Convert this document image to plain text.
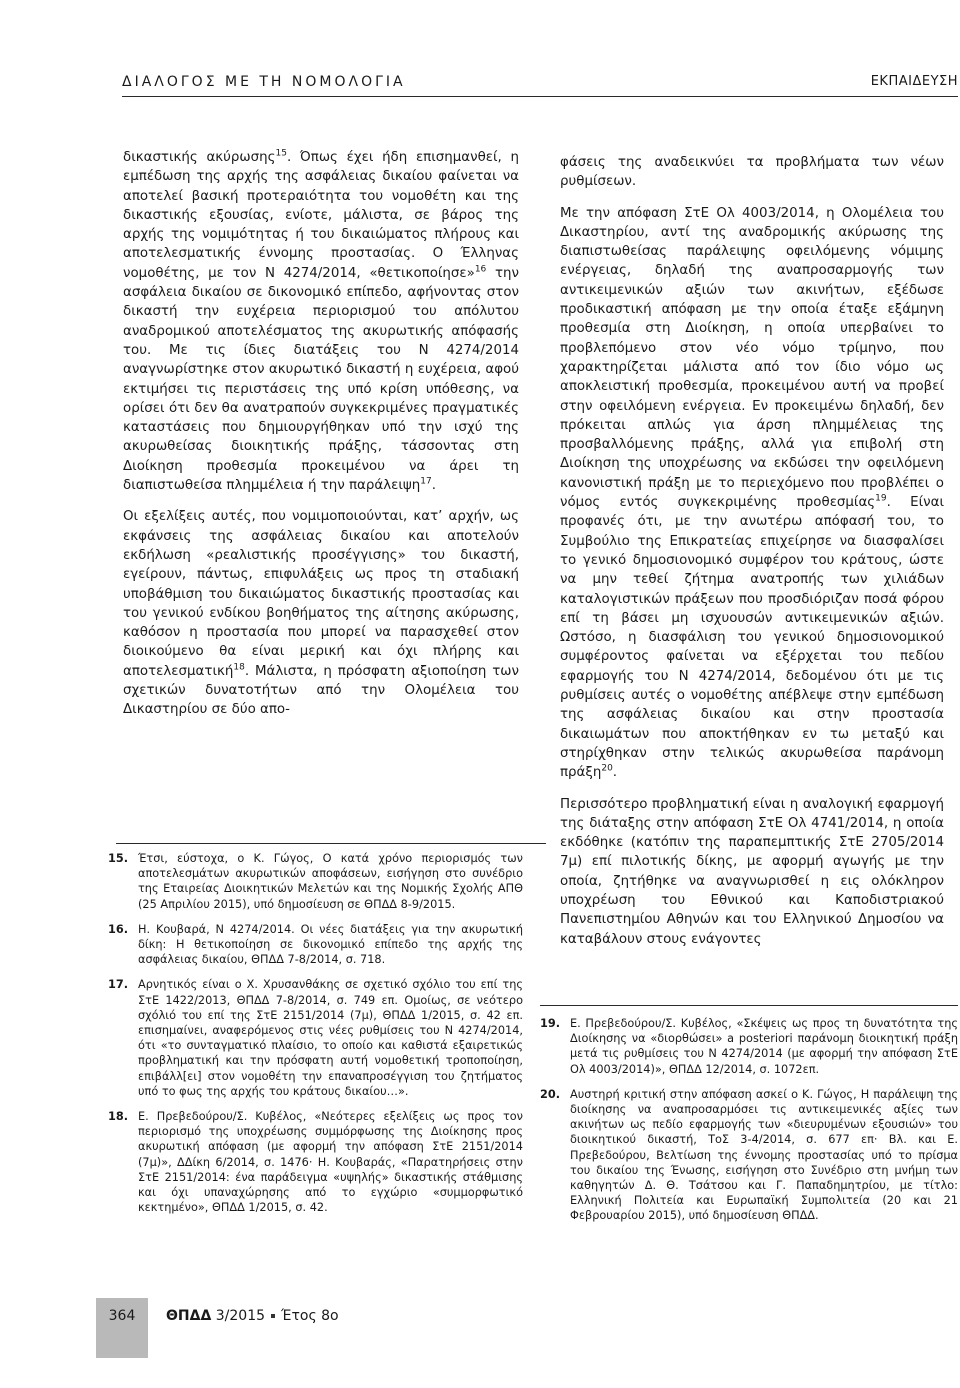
ΔΙΑΛΟΓΟΣ ΜΕ ΤΗ ΝΟΜΟΛΟΓΙΑ	ΕΚΠΑΙΔΕΥΣΗ

δικαστικής ακύρωσης$^{15}$. Όπως έχει ήδη επισημανθεί, η εμπέδωση της αρχής της ασφάλειας δικαίου φαίνεται να αποτελεί βασική προτεραιότητα του νομοθέτη και της δικαστικής εξουσίας, ενίοτε, μάλιστα, σε βάρος της αρχής της νομιμότητας ή του δικαιώματος πλήρους και αποτελεσματικής έννομης προστασίας. Ο Έλληνας νομοθέτης, με τον Ν 4274/2014, «θετικοποίησε»$^{16}$ την ασφάλεια δικαίου σε δικονομικό επίπεδο, αφήνοντας στον δικαστή την ευχέρεια περιορισμού του απόλυτου αναδρομικού αποτελέσματος της ακυρωτικής απόφασής του. Με τις ίδιες διατάξεις του Ν 4274/2014 αναγνωρίστηκε στον ακυρωτικό δικαστή η ευχέρεια, αφού εκτιμήσει τις περιστάσεις της υπό κρίση υπόθεσης, να ορίσει ότι δεν θα ανατραπούν συγκεκριμένες πραγματικές καταστάσεις που δημιουργήθηκαν υπό την ισχύ της ακυρωθείσας διοικητικής πράξης, τάσσοντας στη Διοίκηση προθεσμία προκειμένου να άρει τη διαπιστωθείσα πλημμέλεια ή την παράλειψη$^{17}$.

Οι εξελίξεις αυτές, που νομιμοποιούνται, κατ’ αρχήν, ως εκφάνσεις της ασφάλειας δικαίου και αποτελούν εκδήλωση «ρεαλιστικής προσέγγισης» του δικαστή, εγείρουν, πάντως, επιφυλάξεις ως προς τη σταδιακή υποβάθμιση του δικαιώματος δικαστικής προστασίας και του γενικού ενδίκου βοηθήματος της αίτησης ακύρωσης, καθόσον η προστασία που μπορεί να παρασχεθεί στον διοικούμενο θα είναι μερική και όχι πλήρης και αποτελεσματική$^{18}$. Μάλιστα, η πρόσφατη αξιοποίηση των σχετικών δυνατοτήτων από την Ολομέλεια του Δικαστηρίου σε δύο απο-

φάσεις της αναδεικνύει τα προβλήματα των νέων ρυθμίσεων.

Με την απόφαση ΣτΕ Ολ 4003/2014, η Ολομέλεια του Δικαστηρίου, αντί της αναδρομικής ακύρωσης της διαπιστωθείσας παράλειψης οφειλόμενης νόμιμης ενέργειας, δηλαδή της αναπροσαρμογής των αντικειμενικών αξιών των ακινήτων, εξέδωσε προδικαστική απόφαση με την οποία έταξε εξάμηνη προθεσμία στη Διοίκηση, η οποία υπερβαίνει το προβλεπόμενο στον νέο νόμο τρίμηνο, που χαρακτηρίζεται μάλιστα από τον ίδιο νόμο ως αποκλειστική προθεσμία, προκειμένου αυτή να προβεί στην οφειλόμενη ενέργεια. Εν προκειμένω δηλαδή, δεν πρόκειται απλώς για άρση πλημμέλειας της προσβαλλόμενης πράξης, αλλά για επιβολή στη Διοίκηση της υποχρέωσης να εκδώσει την οφειλόμενη κανονιστική πράξη με το περιεχόμενο που προβλέπει ο νόμος εντός συγκεκριμένης προθεσμίας$^{19}$. Είναι προφανές ότι, με την ανωτέρω απόφασή του, το Συμβούλιο της Επικρατείας επιχείρησε να διασφαλίσει το γενικό δημοσιονομικό συμφέρον του κράτους, ώστε να μην τεθεί ζήτημα ανατροπής των χιλιάδων καταλογιστικών πράξεων που προσδιόριζαν ποσά φόρου επί τη βάσει μη ισχυουσών αντικειμενικών αξιών. Ωστόσο, η διασφάλιση του γενικού δημοσιονομικού συμφέροντος φαίνεται να εξέρχεται του πεδίου εφαρμογής του Ν 4274/2014, δεδομένου ότι με τις ρυθμίσεις αυτές ο νομοθέτης απέβλεψε στην εμπέδωση της ασφάλειας δικαίου και στην προστασία δικαιωμάτων που αποκτήθηκαν εν τω μεταξύ και στηρίχθηκαν στην τελικώς ακυρωθείσα παράνομη πράξη$^{20}$.

Περισσότερο προβληματική είναι η αναλογική εφαρμογή της διάταξης στην απόφαση ΣτΕ Ολ 4741/2014, η οποία εκδόθηκε (κατόπιν της παραπεμπτικής ΣτΕ 2705/2014 7μ) επί πιλοτικής δίκης, με αφορμή αγωγής με την οποία, ζητήθηκε να αναγνωρισθεί η εις ολόκληρον υποχρέωση του Εθνικού και Καποδιστριακού Πανεπιστημίου Αθηνών και του Ελληνικού Δημοσίου να καταβάλουν στους ενάγοντες

15. Έτσι, εύστοχα, ο Κ. Γώγος, Ο κατά χρόνο περιορισμός των αποτελεσμάτων ακυρωτικών αποφάσεων, εισήγηση στο συνέδριο της Εταιρείας Διοικητικών Μελετών και της Νομικής Σχολής ΑΠΘ (25 Απριλίου 2015), υπό δημοσίευση σε ΘΠΔΔ 8-9/2015.
16. Η. Κουβαρά, Ν 4274/2014. Οι νέες διατάξεις για την ακυρωτική δίκη: Η θετικοποίηση σε δικονομικό επίπεδο της αρχής της ασφάλειας δικαίου, ΘΠΔΔ 7-8/2014, σ. 718.
17. Αρνητικός είναι ο Χ. Χρυσανθάκης σε σχετικό σχόλιο του επί της ΣτΕ 1422/2013, ΘΠΔΔ 7-8/2014, σ. 749 επ. Ομοίως, σε νεότερο σχόλιό του επί της ΣτΕ 2151/2014 (7μ), ΘΠΔΔ 1/2015, σ. 42 επ. επισημαίνει, αναφερόμενος στις νέες ρυθμίσεις του Ν 4274/2014, ότι «το συνταγματικό πλαίσιο, το οποίο και καθιστά εξαιρετικώς προβληματική και την πρόσφατη αυτή νομοθετική τροποποίηση, επιβάλλ[ει] στον νομοθέτη την επαναπροσέγγιση του ζητήματος υπό το φως της αρχής του κράτους δικαίου…».
18. Ε. Πρεβεδούρου/Σ. Κυβέλος, «Νεότερες εξελίξεις ως προς τον περιορισμό της υποχρέωσης συμμόρφωσης της Διοίκησης προς ακυρωτική απόφαση (με αφορμή την απόφαση ΣτΕ 2151/2014 (7μ)», ΔΔίκη 6/2014, σ. 1476· Η. Κουβαράς, «Παρατηρήσεις στην ΣτΕ 2151/2014: ένα παράδειγμα «υψηλής» δικαστικής στάθμισης και όχι υπαναχώρησης από το εγχώριο «συμμορφωτικό κεκτημένο», ΘΠΔΔ 1/2015, σ. 42.
19. Ε. Πρεβεδούρου/Σ. Κυβέλος, «Σκέψεις ως προς τη δυνατότητα της Διοίκησης να «διορθώσει» a posteriori παράνομη διοικητική πράξη μετά τις ρυθμίσεις του Ν 4274/2014 (με αφορμή την απόφαση ΣτΕ Ολ 4003/2014)», ΘΠΔΔ 12/2014, σ. 1072επ.
20. Αυστηρή κριτική στην απόφαση ασκεί ο Κ. Γώγος, Η παράλειψη της διοίκησης να αναπροσαρμόσει τις αντικειμενικές αξίες των ακινήτων ως πεδίο εφαρμογής των «διευρυμένων εξουσιών» του διοικητικού δικαστή, ΤοΣ 3-4/2014, σ. 677 επ· Βλ. και Ε. Πρεβεδούρου, Βελτίωση της έννομης προστασίας υπό το πρίσμα του δικαίου της Ένωσης, εισήγηση στο Συνέδριο στη μνήμη των καθηγητών Δ. Θ. Τσάτσου και Γ. Παπαδημητρίου, με τίτλο: Ελληνική Πολιτεία και Ευρωπαϊκή Συμπολιτεία (20 και 21 Φεβρουαρίου 2015), υπό δημοσίευση ΘΠΔΔ.
364	ΘΠΔΔ 3/2015 Έτος 8ο
